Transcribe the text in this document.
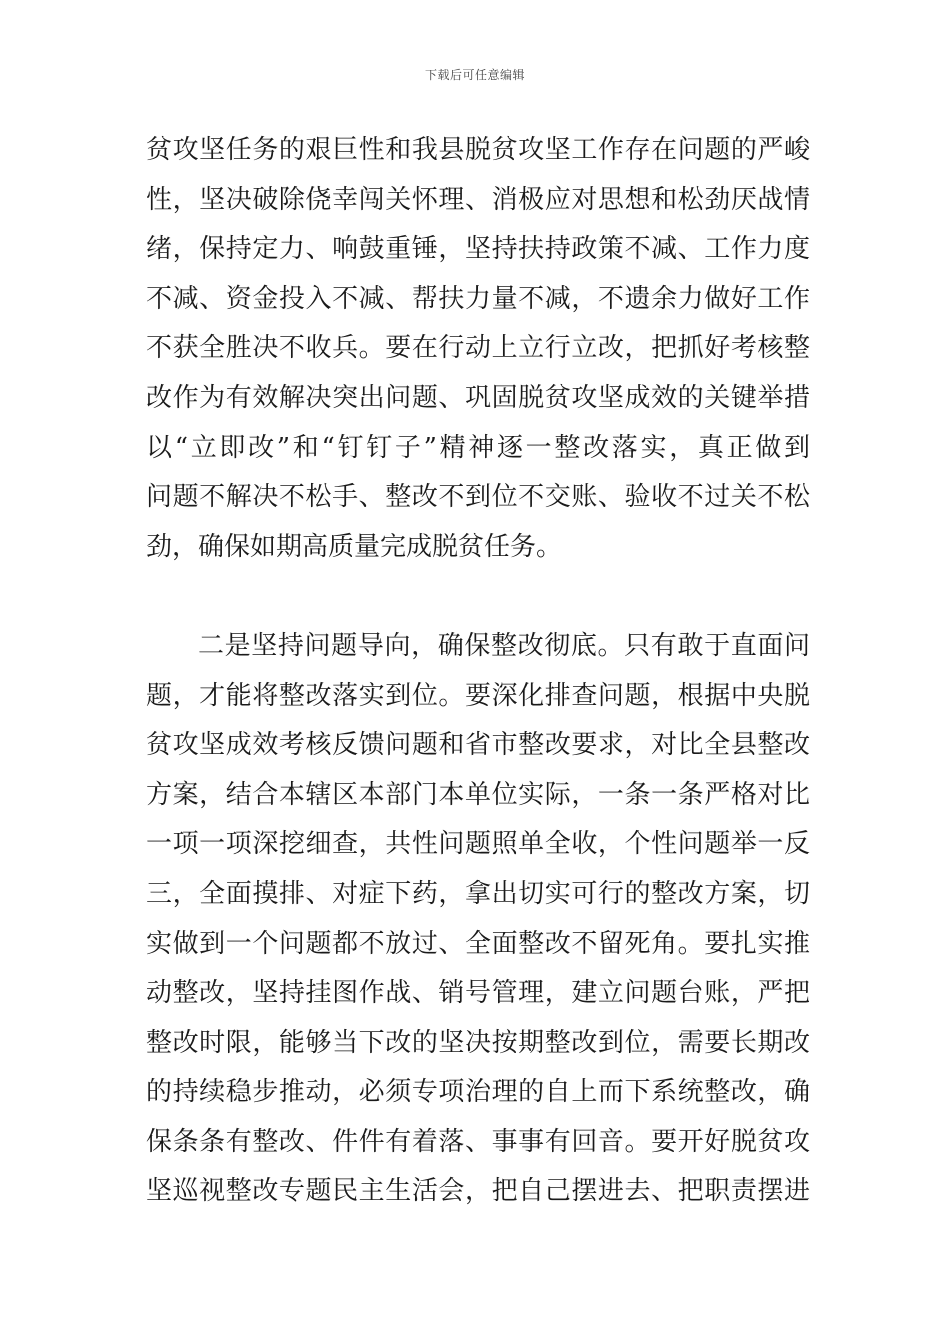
下载后可任意编辑
贫攻坚任务的艰巨性和我县脱贫攻坚工作存在问题的严峻
性，坚决破除侥幸闯关怀理、消极应对思想和松劲厌战情
绪，保持定力、响鼓重锤，坚持扶持政策不减、工作力度
不减、资金投入不减、帮扶力量不减，不遗余力做好工作
不获全胜决不收兵。要在行动上立行立改，把抓好考核整
改作为有效解决突出问题、巩固脱贫攻坚成效的关键举措
以“立即改”和“钉钉子”精神逐一整改落实，真正做到
问题不解决不松手、整改不到位不交账、验收不过关不松
劲，确保如期高质量完成脱贫任务。
二是坚持问题导向，确保整改彻底。只有敢于直面问
题，才能将整改落实到位。要深化排查问题，根据中央脱
贫攻坚成效考核反馈问题和省市整改要求，对比全县整改
方案，结合本辖区本部门本单位实际，一条一条严格对比
一项一项深挖细查，共性问题照单全收，个性问题举一反
三，全面摸排、对症下药，拿出切实可行的整改方案，切
实做到一个问题都不放过、全面整改不留死角。要扎实推
动整改，坚持挂图作战、销号管理，建立问题台账，严把
整改时限，能够当下改的坚决按期整改到位，需要长期改
的持续稳步推动，必须专项治理的自上而下系统整改，确
保条条有整改、件件有着落、事事有回音。要开好脱贫攻
坚巡视整改专题民主生活会，把自己摆进去、把职责摆进
